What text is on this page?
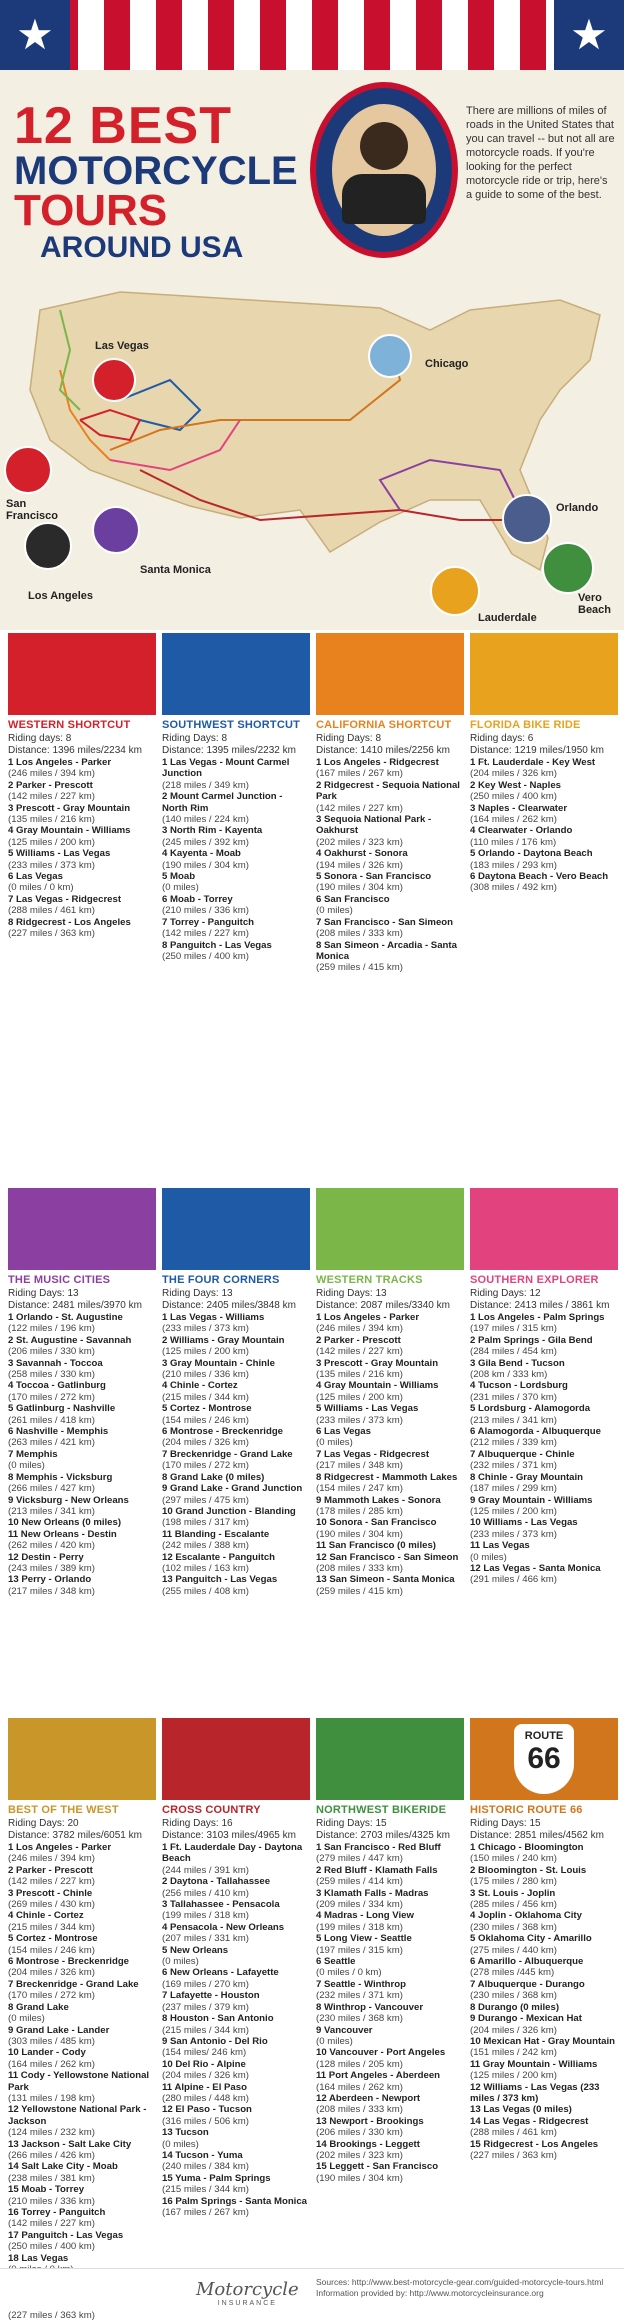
★	★
12 BEST
MOTORCYCLE
TOURS
AROUND USA
There are millions of miles of roads in the United States that you can travel -- but not all are motorcycle roads. If you're looking for the perfect motorcycle ride or trip, here's a guide to some of the best.
Las Vegas
Chicago
San Francisco
Los Angeles
Santa Monica
Orlando
Lauderdale
Vero Beach
WESTERN SHORTCUT
Riding days: 8
Distance: 1396 miles/2234 km
1 Los Angeles - Parker
(246 miles / 394 km)
2 Parker - Prescott
(142 miles / 227 km)
3 Prescott - Gray Mountain
(135 miles / 216 km)
4 Gray Mountain - Williams
(125 miles / 200 km)
5 Williams - Las Vegas
(233 miles / 373 km)
6 Las Vegas
(0 miles / 0 km)
7 Las Vegas - Ridgecrest
(288 miles / 461 km)
8 Ridgecrest - Los Angeles
(227 miles / 363 km)
SOUTHWEST SHORTCUT
Riding Days: 8
Distance: 1395 miles/2232 km
1 Las Vegas - Mount Carmel Junction
(218 miles / 349 km)
2 Mount Carmel Junction - North Rim
(140 miles / 224 km)
3 North Rim - Kayenta
(245 miles / 392 km)
4 Kayenta - Moab
(190 miles / 304 km)
5 Moab
(0 miles)
6 Moab - Torrey
(210 miles / 336 km)
7 Torrey - Panguitch
(142 miles / 227 km)
8 Panguitch - Las Vegas
(250 miles / 400 km)
CALIFORNIA SHORTCUT
Riding Days: 8
Distance: 1410 miles/2256 km
1 Los Angeles - Ridgecrest
(167 miles / 267 km)
2 Ridgecrest - Sequoia National Park
(142 miles / 227 km)
3 Sequoia National Park - Oakhurst
(202 miles / 323 km)
4 Oakhurst - Sonora
(194 miles / 326 km)
5 Sonora - San Francisco
(190 miles / 304 km)
6 San Francisco
(0 miles)
7 San Francisco - San Simeon
(208 miles / 333 km)
8 San Simeon - Arcadia - Santa Monica
(259 miles / 415 km)
FLORIDA BIKE RIDE
Riding days: 6
Distance: 1219 miles/1950 km
1 Ft. Lauderdale - Key West
(204 miles / 326 km)
2 Key West - Naples
(250 miles / 400 km)
3 Naples - Clearwater
(164 miles / 262 km)
4 Clearwater - Orlando
(110 miles / 176 km)
5 Orlando - Daytona Beach
(183 miles / 293 km)
6 Daytona Beach - Vero Beach
(308 miles / 492 km)
THE MUSIC CITIES
Riding Days: 13
Distance: 2481 miles/3970 km
1 Orlando - St. Augustine
(122 miles / 196 km)
2 St. Augustine - Savannah
(206 miles / 330 km)
3 Savannah - Toccoa
(258 miles / 330 km)
4 Toccoa - Gatlinburg
(170 miles / 272 km)
5 Gatlinburg - Nashville
(261 miles / 418 km)
6 Nashville - Memphis
(263 miles / 421 km)
7 Memphis
(0 miles)
8 Memphis - Vicksburg
(266 miles / 427 km)
9 Vicksburg - New Orleans
(213 miles / 341 km)
10 New Orleans (0 miles)
11 New Orleans - Destin
(262 miles / 420 km)
12 Destin - Perry
(243 miles / 389 km)
13 Perry - Orlando
(217 miles / 348 km)
THE FOUR CORNERS
Riding Days: 13
Distance: 2405 miles/3848 km
1 Las Vegas - Williams
(233 miles / 373 km)
2 Williams - Gray Mountain
(125 miles / 200 km)
3 Gray Mountain - Chinle
(210 miles / 336 km)
4 Chinle - Cortez
(215 miles / 344 km)
5 Cortez - Montrose
(154 miles / 246 km)
6 Montrose - Breckenridge
(204 miles / 326 km)
7 Breckenridge - Grand Lake
(170 miles / 272 km)
8 Grand Lake (0 miles)
9 Grand Lake - Grand Junction
(297 miles / 475 km)
10 Grand Junction - Blanding
(198 miles / 317 km)
11 Blanding - Escalante
(242 miles / 388 km)
12 Escalante - Panguitch
(102 miles / 163 km)
13 Panguitch - Las Vegas
(255 miles / 408 km)
WESTERN TRACKS
Riding Days: 13
Distance: 2087 miles/3340 km
1 Los Angeles - Parker
(246 miles / 394 km)
2 Parker - Prescott
(142 miles / 227 km)
3 Prescott - Gray Mountain
(135 miles / 216 km)
4 Gray Mountain - Williams
(125 miles / 200 km)
5 Williams - Las Vegas
(233 miles / 373 km)
6 Las Vegas
(0 miles)
7 Las Vegas - Ridgecrest
(217 miles / 348 km)
8 Ridgecrest - Mammoth Lakes
(154 miles / 247 km)
9 Mammoth Lakes - Sonora
(178 miles / 285 km)
10 Sonora - San Francisco
(190 miles / 304 km)
11 San Francisco (0 miles)
12 San Francisco - San Simeon
(208 miles / 333 km)
13 San Simeon - Santa Monica
(259 miles / 415 km)
SOUTHERN EXPLORER
Riding Days: 12
Distance: 2413 miles / 3861 km
1 Los Angeles - Palm Springs
(197 miles / 315 km)
2 Palm Springs - Gila Bend
(284 miles / 454 km)
3 Gila Bend - Tucson
(208 km / 333 km)
4 Tucson - Lordsburg
(231 miles / 370 km)
5 Lordsburg - Alamogorda
(213 miles / 341 km)
6 Alamogorda - Albuquerque
(212 miles / 339 km)
7 Albuquerque - Chinle
(232 miles / 371 km)
8 Chinle - Gray Mountain
(187 miles / 299 km)
9 Gray Mountain - Williams
(125 miles / 200 km)
10 Williams - Las Vegas
(233 miles / 373 km)
11 Las Vegas
(0 miles)
12 Las Vegas - Santa Monica
(291 miles / 466 km)
BEST OF THE WEST
Riding Days: 20
Distance: 3782 miles/6051 km
1 Los Angeles - Parker
(246 miles / 394 km)
2 Parker - Prescott
(142 miles / 227 km)
3 Prescott - Chinle
(269 miles / 430 km)
4 Chinle - Cortez
(215 miles / 344 km)
5 Cortez - Montrose
(154 miles / 246 km)
6 Montrose - Breckenridge
(204 miles / 326 km)
7 Breckenridge - Grand Lake
(170 miles / 272 km)
8 Grand Lake
(0 miles)
9 Grand Lake - Lander
(303 miles / 485 km)
10 Lander - Cody
(164 miles / 262 km)
11 Cody - Yellowstone National Park
(131 miles / 198 km)
12 Yellowstone National Park - Jackson
(124 miles / 232 km)
13 Jackson - Salt Lake City
(266 miles / 426 km)
14 Salt Lake City - Moab
(238 miles / 381 km)
15 Moab - Torrey
(210 miles / 336 km)
16 Torrey - Panguitch
(142 miles / 227 km)
17 Panguitch - Las Vegas
(250 miles / 400 km)
18 Las Vegas

(227 miles / 363 km)
CROSS COUNTRY
Riding Days: 16
Distance: 3103 miles/4965 km
1 Ft. Lauderdale Day - Daytona Beach
(244 miles / 391 km)
2 Daytona - Tallahassee
(256 miles / 410 km)
3 Tallahassee - Pensacola
(199 miles / 318 km)
4 Pensacola - New Orleans
(207 miles / 331 km)
5 New Orleans
(0 miles)
6 New Orleans - Lafayette
(169 miles / 270 km)
7 Lafayette - Houston
(237 miles / 379 km)
8 Houston - San Antonio
(215 miles / 344 km)
9 San Antonio - Del Rio
(154 miles/ 246 km)
10 Del Rio - Alpine
(204 miles / 326 km)
11 Alpine - El Paso
(280 miles / 448 km)
12 El Paso - Tucson
(316 miles / 506 km)
13 Tucson
(0 miles)
14 Tucson - Yuma
(240 miles / 384 km)
15 Yuma - Palm Springs
(215 miles / 344 km)
16 Palm Springs - Santa Monica
(167 miles / 267 km)
NORTHWEST BIKERIDE
Riding Days: 15
Distance: 2703 miles/4325 km
1 San Francisco - Red Bluff
(279 miles / 447 km)
2 Red Bluff - Klamath Falls
(259 miles / 414 km)
3 Klamath Falls - Madras
(209 miles / 334 km)
4 Madras - Long View
(199 miles / 318 km)
5 Long View - Seattle
(197 miles / 315 km)
6 Seattle
(0 miles / 0 km)
7 Seattle - Winthrop
(232 miles / 371 km)
8 Winthrop - Vancouver
(230 miles / 368 km)
9 Vancouver
(0 miles)
10 Vancouver - Port Angeles
(128 miles / 205 km)
11 Port Angeles - Aberdeen
(164 miles / 262 km)
12 Aberdeen - Newport
(208 miles / 333 km)
13 Newport - Brookings
(206 miles / 330 km)
14 Brookings - Leggett
(202 miles / 323 km)
15 Leggett - San Francisco
(190 miles / 304 km)
ROUTE
66
HISTORIC ROUTE 66
Riding Days: 15
Distance: 2851 miles/4562 km
1 Chicago - Bloomington
(150 miles / 240 km)
2 Bloomington - St. Louis
(175 miles / 280 km)
3 St. Louis - Joplin
(285 miles / 456 km)
4 Joplin - Oklahoma City
(230 miles / 368 km)
5 Oklahoma City - Amarillo
(275 miles / 440 km)
6 Amarillo - Albuquerque
(278 miles /445 km)
7 Albuquerque - Durango
(230 miles / 368 km)
8 Durango (0 miles)
9 Durango - Mexican Hat
(204 miles / 326 km)
10 Mexican Hat - Gray Mountain
(151 miles / 242 km)
11 Gray Mountain - Williams
(125 miles / 200 km)
12 Williams - Las Vegas (233 miles / 373 km)
13 Las Vegas (0 miles)
14 Las Vegas - Ridgecrest
(288 miles / 461 km)
15 Ridgecrest - Los Angeles
(227 miles / 363 km)
Motorcycle
INSURANCE
Sources: http://www.best-motorcycle-gear.com/guided-motorcycle-tours.html
Information provided by: http://www.motorcycleinsurance.org
